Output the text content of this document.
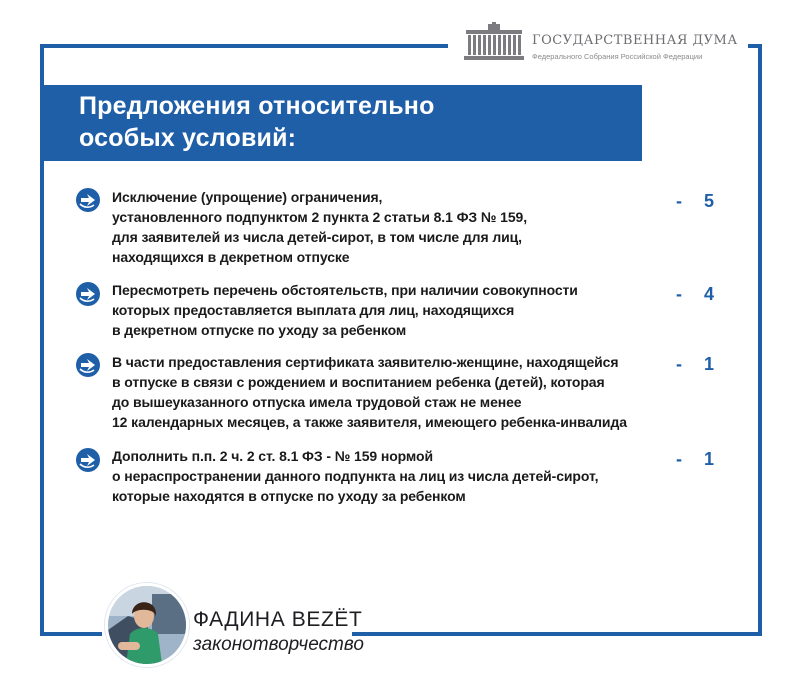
ГОСУДАРСТВЕННАЯ ДУМА
Федерального Собрания Российской Федерации
Предложения относительно
особых условий:
Исключение (упрощение) ограничения,
установленного подпунктом 2 пункта 2 статьи 8.1 ФЗ № 159,
для заявителей из числа детей-сирот, в том числе для лиц,
находящихся в декретном отпуске
- 5
Пересмотреть перечень обстоятельств, при наличии совокупности
которых предоставляется выплата для лиц, находящихся
в декретном отпуске по уходу за ребенком
- 4
В части предоставления сертификата заявителю-женщине, находящейся
в отпуске в связи с рождением и воспитанием ребенка (детей), которая
до вышеуказанного отпуска имела трудовой стаж не менее
12 календарных месяцев, а также заявителя, имеющего ребенка-инвалида
- 1
Дополнить п.п. 2 ч. 2 ст. 8.1 ФЗ - № 159 нормой
о нераспространении данного подпункта на лиц из числа детей-сирот,
которые находятся в отпуске по уходу за ребенком
- 1
ФАДИНА ВЕZЁТ
законотворчество
